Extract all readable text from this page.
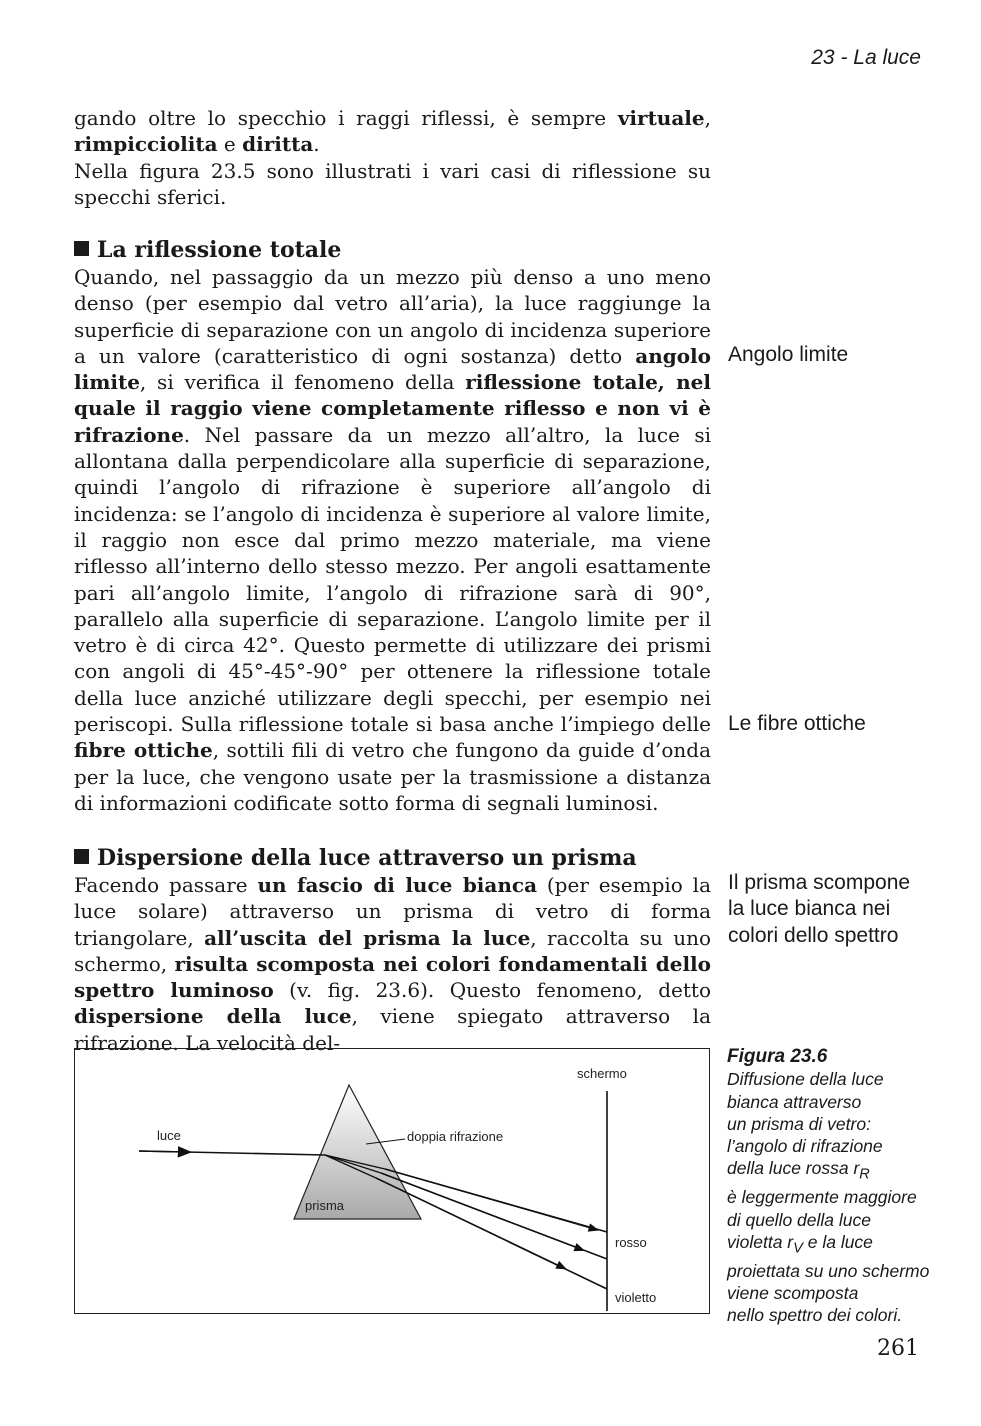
23 - La luce

gando oltre lo specchio i raggi riflessi, è sempre virtuale, rimpicciolita e diritta.

Nella figura 23.5 sono illustrati i vari casi di riflessione su specchi sferici.

La riflessione totale

Quando, nel passaggio da un mezzo più denso a uno meno denso (per esempio dal vetro all’aria), la luce raggiunge la superficie di separazione con un angolo di incidenza superiore a un valore (caratteristico di ogni sostanza) detto angolo limite, si verifica il fenomeno della riflessione totale, nel quale il raggio viene completamente riflesso e non vi è rifrazione. Nel passare da un mezzo all’altro, la luce si allontana dalla perpendicolare alla superficie di separazione, quindi l’angolo di rifrazione è superiore all’angolo di incidenza: se l’angolo di incidenza è superiore al valore limite, il raggio non esce dal primo mezzo materiale, ma viene riflesso all’interno dello stesso mezzo. Per angoli esattamente pari all’angolo limite, l’angolo di rifrazione sarà di 90°, parallelo alla superficie di separazione. L’angolo limite per il vetro è di circa 42°. Questo permette di utilizzare dei prismi con angoli di 45°-45°-90° per ottenere la riflessione totale della luce anziché utilizzare degli specchi, per esempio nei periscopi. Sulla riflessione totale si basa anche l’impiego delle fibre ottiche, sottili fili di vetro che fungono da guide d’onda per la luce, che vengono usate per la trasmissione a distanza di informazioni codificate sotto forma di segnali luminosi.

Dispersione della luce attraverso un prisma

Facendo passare un fascio di luce bianca (per esempio la luce solare) attraverso un prisma di vetro di forma triangolare, all’uscita del prisma la luce, raccolta su uno schermo, risulta scomposta nei colori fondamentali dello spettro luminoso (v. fig. 23.6). Questo fenomeno, detto dispersione della luce, viene spiegato attraverso la rifrazione. La velocità del-

Angolo limite
Le fibre ottiche
Il prisma scompone
la luce bianca nei
colori dello spettro
schermo
luce	doppia rifrazione
prisma
rosso
violetto
Figura 23.6
Diffusione della luce
bianca attraverso
un prisma di vetro:
l’angolo di rifrazione
della luce rossa $r_R$
è leggermente maggiore
di quello della luce
violetta $r_V$ e la luce
proiettata su uno schermo
viene scomposta
nello spettro dei colori.
261
